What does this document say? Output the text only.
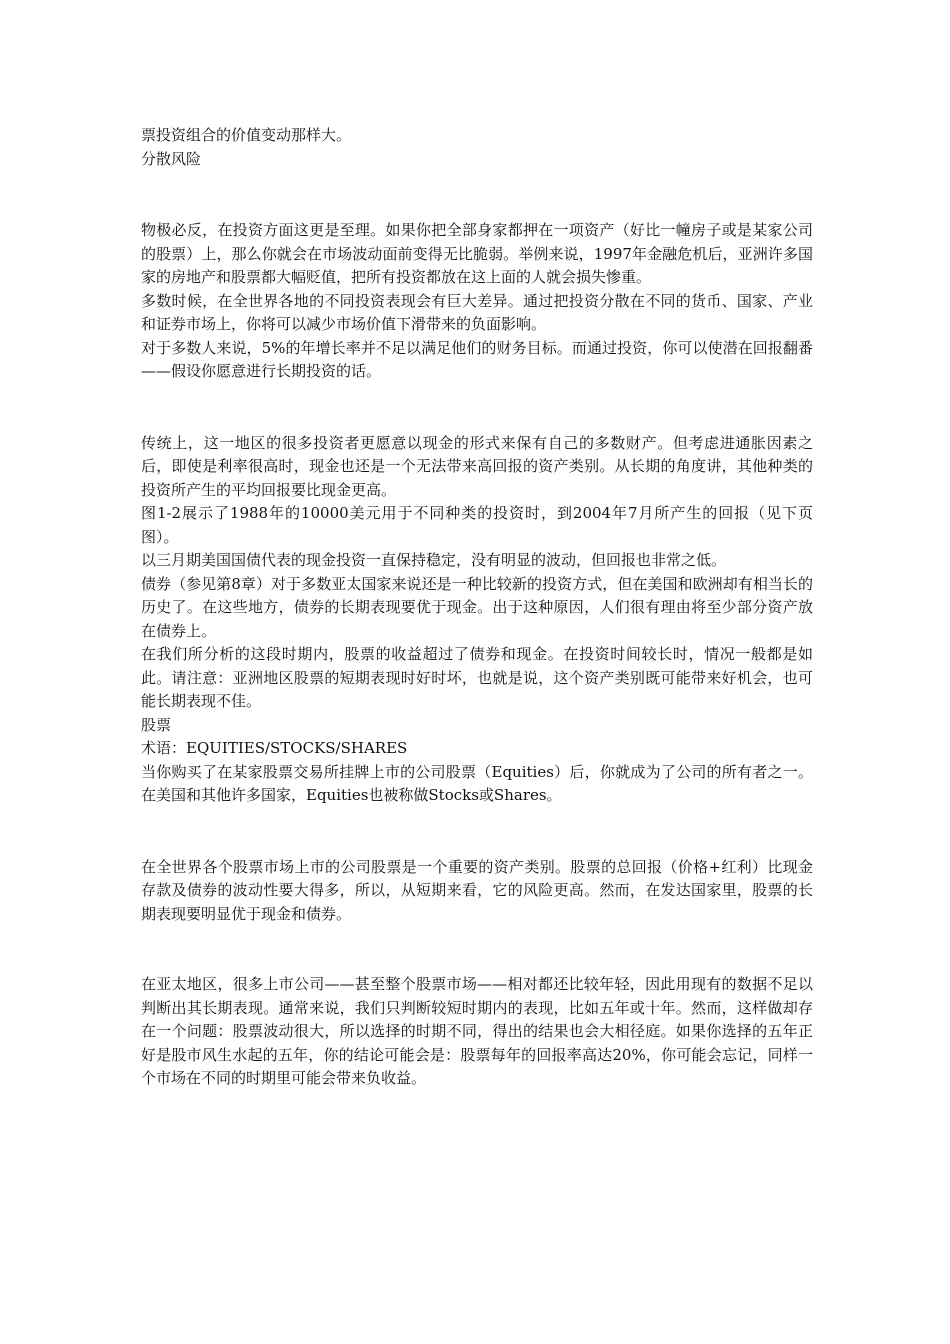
票投资组合的价值变动那样大。

分散风险

物极必反，在投资方面这更是至理。如果你把全部身家都押在一项资产（好比一幢房子或是某家公司的股票）上，那么你就会在市场波动面前变得无比脆弱。举例来说，1997年金融危机后，亚洲许多国家的房地产和股票都大幅贬值，把所有投资都放在这上面的人就会损失惨重。

多数时候，在全世界各地的不同投资表现会有巨大差异。通过把投资分散在不同的货币、国家、产业和证券市场上，你将可以减少市场价值下滑带来的负面影响。

对于多数人来说，5%的年增长率并不足以满足他们的财务目标。而通过投资，你可以使潜在回报翻番——假设你愿意进行长期投资的话。

传统上，这一地区的很多投资者更愿意以现金的形式来保有自己的多数财产。但考虑进通胀因素之后，即使是利率很高时，现金也还是一个无法带来高回报的资产类别。从长期的角度讲，其他种类的投资所产生的平均回报要比现金更高。

图1-2展示了1988年的10000美元用于不同种类的投资时，到2004年7月所产生的回报（见下页图）。

以三月期美国国债代表的现金投资一直保持稳定，没有明显的波动，但回报也非常之低。

债券（参见第8章）对于多数亚太国家来说还是一种比较新的投资方式，但在美国和欧洲却有相当长的历史了。在这些地方，债券的长期表现要优于现金。出于这种原因，人们很有理由将至少部分资产放在债券上。

在我们所分析的这段时期内，股票的收益超过了债券和现金。在投资时间较长时，情况一般都是如此。请注意：亚洲地区股票的短期表现时好时坏，也就是说，这个资产类别既可能带来好机会，也可能长期表现不佳。

股票

术语：EQUITIES/STOCKS/SHARES

当你购买了在某家股票交易所挂牌上市的公司股票（Equities）后，你就成为了公司的所有者之一。在美国和其他许多国家，Equities也被称做Stocks或Shares。

在全世界各个股票市场上市的公司股票是一个重要的资产类别。股票的总回报（价格+红利）比现金存款及债券的波动性要大得多，所以，从短期来看，它的风险更高。然而，在发达国家里，股票的长期表现要明显优于现金和债券。

在亚太地区，很多上市公司——甚至整个股票市场——相对都还比较年轻，因此用现有的数据不足以判断出其长期表现。通常来说，我们只判断较短时期内的表现，比如五年或十年。然而，这样做却存在一个问题：股票波动很大，所以选择的时期不同，得出的结果也会大相径庭。如果你选择的五年正好是股市风生水起的五年，你的结论可能会是：股票每年的回报率高达20%，你可能会忘记，同样一个市场在不同的时期里可能会带来负收益。
